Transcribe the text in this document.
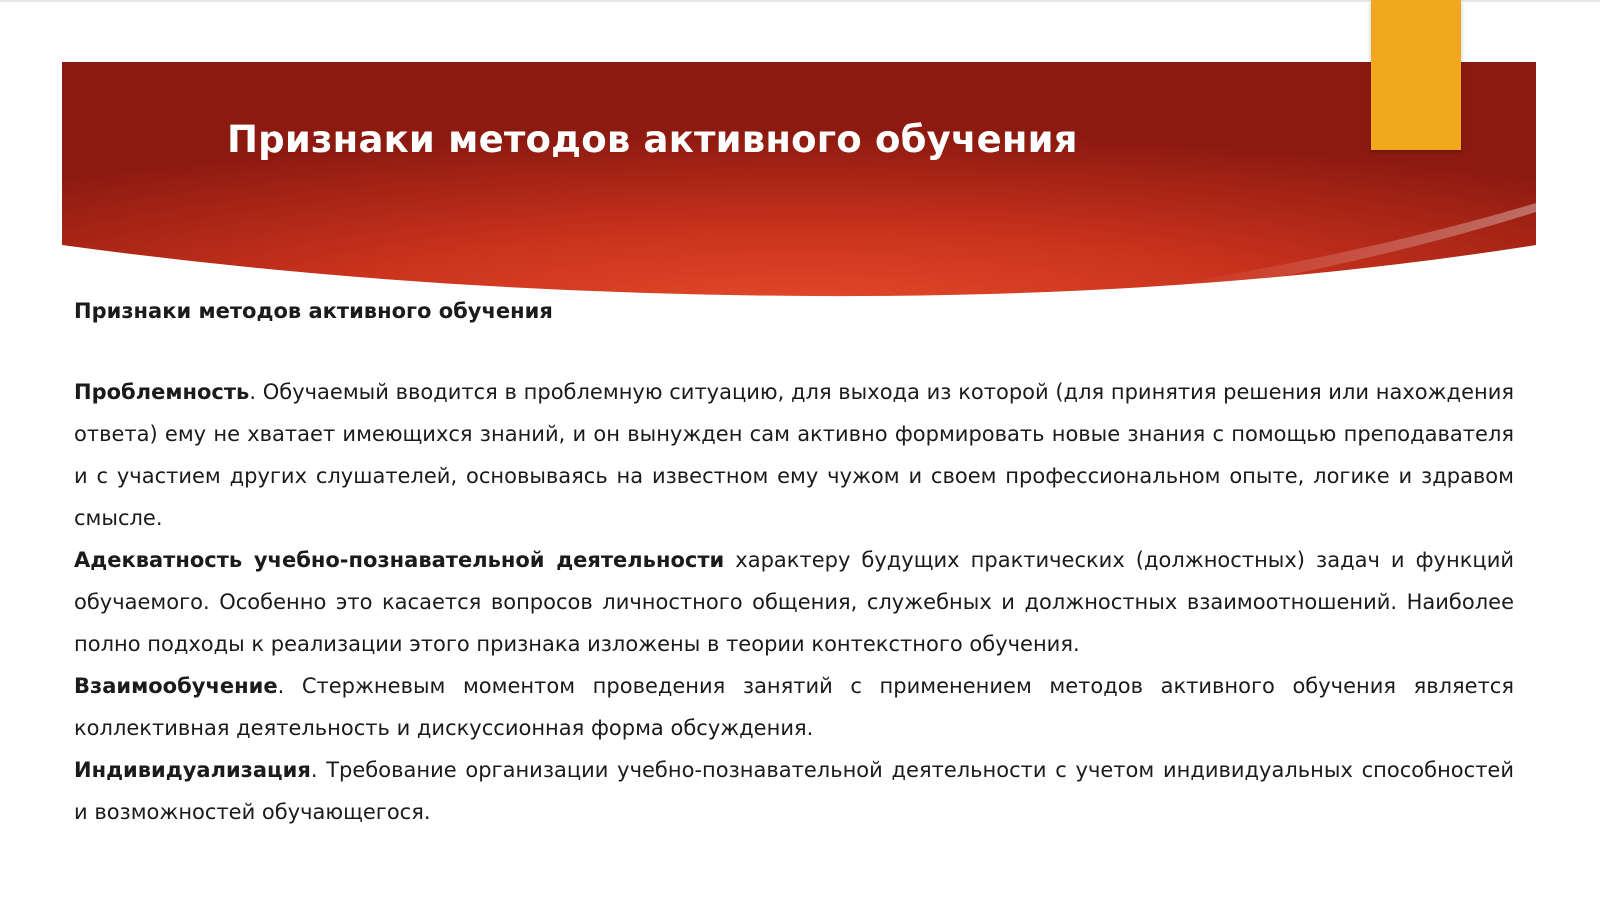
Признаки методов активного обучения

Признаки методов активного обучения

Проблемность. Обучаемый вводится в проблемную ситуацию, для выхода из которой (для принятия решения или нахождения ответа) ему не хватает имеющихся знаний, и он вынужден сам активно формировать новые знания с помощью преподавателя и с участием других слушателей, основываясь на известном ему чужом и своем профессиональном опыте, логике и здравом смысле.

Адекватность учебно-познавательной деятельности характеру будущих практических (должностных) задач и функций обучаемого. Особенно это касается вопросов личностного общения, служебных и должностных взаимоотношений. Наиболее полно подходы к реализации этого признака изложены в теории контекстного обучения.

Взаимообучение. Стержневым моментом проведения занятий с применением методов активного обучения является коллективная деятельность и дискуссионная форма обсуждения.

Индивидуализация. Требование организации учебно-познавательной деятельности с учетом индивидуальных способностей и возможностей обучающегося.
